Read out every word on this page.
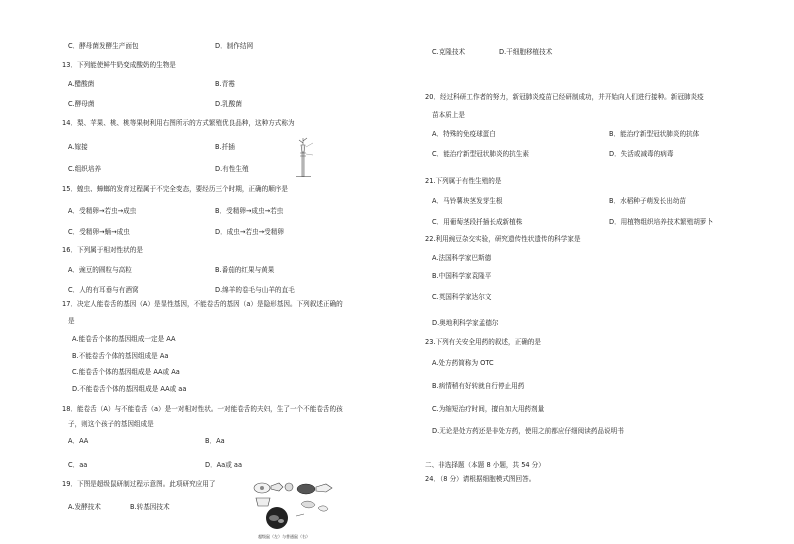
C．酵母菌发酵生产面包	D．制作结网
13．下列能使鲜牛奶变成酸奶的生物是
A.醋酸菌	B.青霉
C.酵母菌	D.乳酸菌
14．梨、苹果、桃、桃等果树利用右图所示的方式繁殖优良品种，这种方式称为
A.嫁接	B.扦插
C.组织培养	D.有性生殖
15．蝗虫、蟑螂的发育过程属于不完全变态，要经历三个时期，正确的顺序是
A．受精卵→若虫→成虫	B．受精卵→成虫→若虫
C．受精卵→蛹→成虫	D．成虫→若虫→受精卵
16．下列属于相对性状的是
A．豌豆的圆粒与高粒	B.番茄的红果与黄果
C．人的有耳垂与有酒窝	D.绵羊的卷毛与山羊的直毛
17．决定人能卷舌的基因（A）是显性基因，不能卷舌的基因（a）是隐形基因。下列叙述正确的
是
A.能卷舌个体的基因组成一定是 AA
B.不能卷舌个体的基因组成是 Aa
C.能卷舌个体的基因组成是 AA或 Aa
D.不能卷舌个体的基因组成是 AA或 aa
18．能卷舌（A）与不能卷舌（a）是一对相对性状。一对能卷舌的夫妇，生了一个不能卷舌的孩
子，则这个孩子的基因组成是
A．AA	B．Aa
C．aa	D．Aa或 aa
19．下图是超级鼠研制过程示意图。此项研究应用了
A.发酵技术	B.转基因技术
超级鼠（左）与普通鼠（右）
C.克隆技术	D.干细胞移植技术
20．经过科研工作者的努力，新冠肺炎疫苗已经研制成功，并开始向人们进行接种。新冠肺炎疫
苗本质上是
A．特殊的免疫球蛋白	B．能治疗新型冠状肺炎的抗体
C．能治疗新型冠状肺炎的抗生素	D．失活或减毒的病毒
21.下列属于有性生殖的是
A．马铃薯块茎发芽生根	B．水稻种子萌发长出幼苗
C．用葡萄茎段扦插长成新植株	D．用植物组织培养技术繁殖胡萝卜
22.利用豌豆杂交实验，研究遗传性状遗传的科学家是
A.法国科学家巴斯德
B.中国科学家袁隆平
C.英国科学家达尔文
D.奥地利科学家孟德尔
23.下列有关安全用药的叙述，正确的是
A.处方药简称为 OTC
B.病情稍有好转就自行停止用药
C.为缩短治疗时间，擅自加大用药剂量
D.无论是处方药还是非处方药，使用之前都应仔细阅读药品说明书
二、非选择题（本题 8 小题，共 54 分）
24．（8 分）请根据细胞模式图回答。
